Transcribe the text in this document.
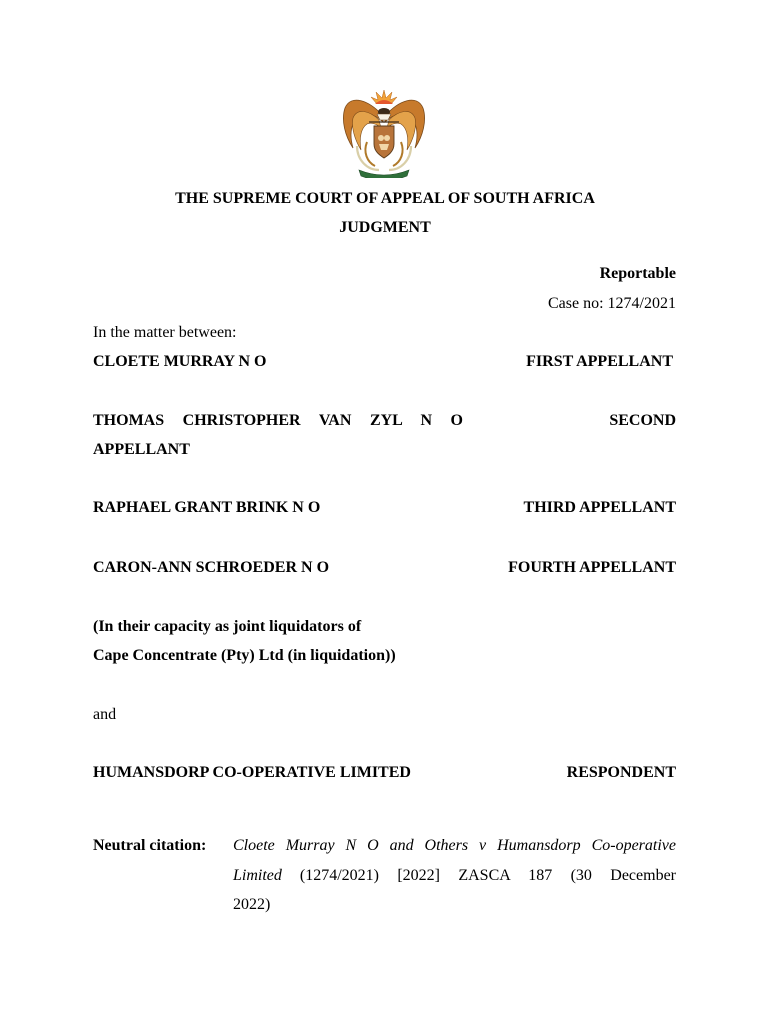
THE SUPREME COURT OF APPEAL OF SOUTH AFRICA
JUDGMENT
Reportable
Case no: 1274/2021
In the matter between:
CLOETE MURRAY N O	FIRST APPELLANT
THOMAS CHRISTOPHER VAN ZYL N O	SECOND
APPELLANT
RAPHAEL GRANT BRINK N O	THIRD APPELLANT
CARON-ANN SCHROEDER N O	FOURTH APPELLANT
(In their capacity as joint liquidators of
Cape Concentrate (Pty) Ltd (in liquidation))
and
HUMANSDORP CO-OPERATIVE LIMITED	RESPONDENT
Neutral citation: Cloete Murray N O and Others v Humansdorp Co-operative
Limited (1274/2021) [2022] ZASCA 187 (30 December
2022)
